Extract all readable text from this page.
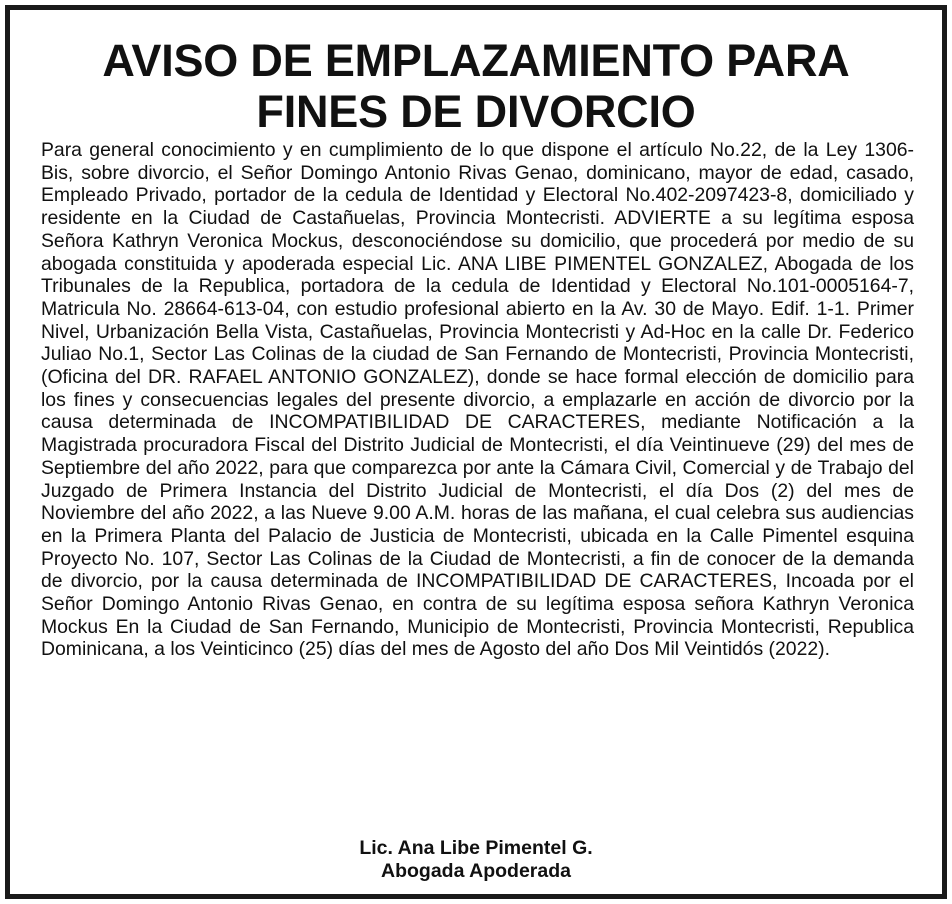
AVISO DE EMPLAZAMIENTO PARA
FINES DE DIVORCIO

Para general conocimiento y en cumplimiento de lo que dispone el artículo No.22, de la Ley 1306-Bis, sobre divorcio, el Señor Domingo Antonio Rivas Genao, dominicano, mayor de edad, casado, Empleado Privado, portador de la cedula de Identidad y Electoral No.402-2097423-8, domiciliado y residente en la Ciudad de Castañuelas, Provincia Montecristi. ADVIERTE a su legítima esposa Señora Kathryn Veronica Mockus, desconociéndose su domicilio, que procederá por medio de su abogada constituida y apoderada especial Lic. ANA LIBE PIMENTEL GONZALEZ, Abogada de los Tribunales de la Republica, portadora de la cedula de Identidad y Electoral No.101-0005164-7, Matricula No. 28664-613-04, con estudio profesional abierto en la Av. 30 de Mayo. Edif. 1-1. Primer Nivel, Urbanización Bella Vista, Castañuelas, Provincia Montecristi y Ad-Hoc en la calle Dr. Federico Juliao No.1, Sector Las Colinas de la ciudad de San Fernando de Montecristi, Provincia Montecristi, (Oficina del DR. RAFAEL ANTONIO GONZALEZ), donde se hace formal elección de domicilio para los fines y consecuencias legales del presente divorcio, a emplazarle en acción de divorcio por la causa determinada de INCOMPATIBILIDAD DE CARACTERES, mediante Notificación a la Magistrada procuradora Fiscal del Distrito Judicial de Montecristi, el día Veintinueve (29) del mes de Septiembre del año 2022, para que comparezca por ante la Cámara Civil, Comercial y de Trabajo del Juzgado de Primera Instancia del Distrito Judicial de Montecristi, el día Dos (2) del mes de Noviembre del año 2022, a las Nueve 9.00 A.M. horas de las mañana, el cual celebra sus audiencias en la Primera Planta del Palacio de Justicia de Montecristi, ubicada en la Calle Pimentel esquina Proyecto No. 107, Sector Las Colinas de la Ciudad de Montecristi, a fin de conocer de la demanda de divorcio, por la causa determinada de INCOMPATIBILIDAD DE CARACTERES, Incoada por el Señor Domingo Antonio Rivas Genao, en contra de su legítima esposa señora Kathryn Veronica Mockus En la Ciudad de San Fernando, Municipio de Montecristi, Provincia Montecristi, Republica Dominicana, a los Veinticinco (25) días del mes de Agosto del año Dos Mil Veintidós (2022).

Lic. Ana Libe Pimentel G.
Abogada Apoderada
